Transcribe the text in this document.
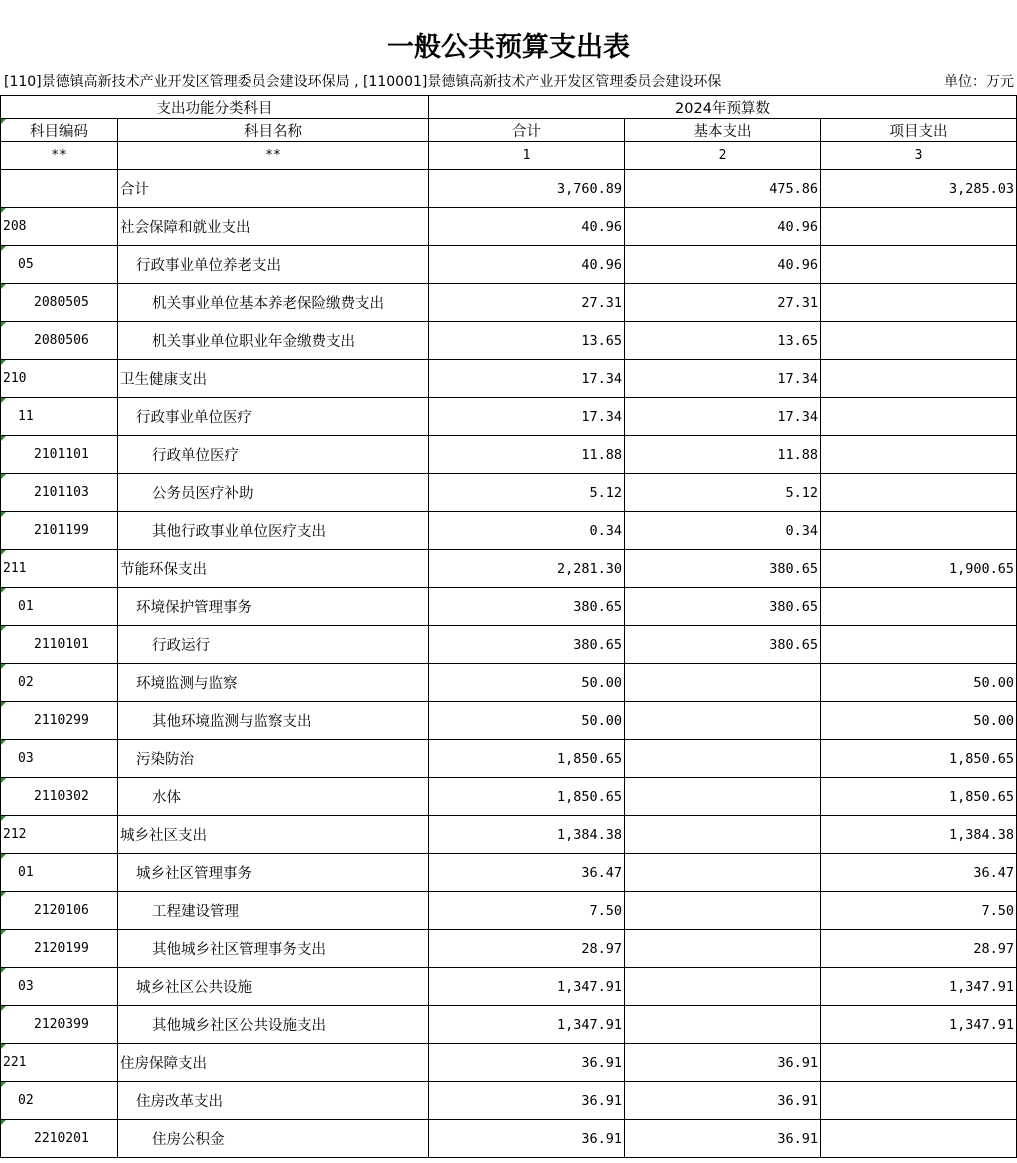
一般公共预算支出表
[110]景德镇高新技术产业开发区管理委员会建设环保局 , [110001]景德镇高新技术产业开发区管理委员会建设环保	单位：万元
支出功能分类科目		2024年预算数		

科目编码	科目名称	合计	基本支出	项目支出
**	**	1	2	3
	合计	3,760.89	475.86	3,285.03

208	社会保障和就业支出	40.96	40.96	

05	行政事业单位养老支出	40.96	40.96	

2080505	机关事业单位基本养老保险缴费支出	27.31	27.31	

2080506	机关事业单位职业年金缴费支出	13.65	13.65	

210	卫生健康支出	17.34	17.34	

11	行政事业单位医疗	17.34	17.34	

2101101	行政单位医疗	11.88	11.88	

2101103	公务员医疗补助	5.12	5.12	

2101199	其他行政事业单位医疗支出	0.34	0.34	

211	节能环保支出	2,281.30	380.65	1,900.65

01	环境保护管理事务	380.65	380.65	

2110101	行政运行	380.65	380.65	

02	环境监测与监察	50.00		50.00

2110299	其他环境监测与监察支出	50.00		50.00

03	污染防治	1,850.65		1,850.65

2110302	水体	1,850.65		1,850.65

212	城乡社区支出	1,384.38		1,384.38

01	城乡社区管理事务	36.47		36.47

2120106	工程建设管理	7.50		7.50

2120199	其他城乡社区管理事务支出	28.97		28.97

03	城乡社区公共设施	1,347.91		1,347.91

2120399	其他城乡社区公共设施支出	1,347.91		1,347.91

221	住房保障支出	36.91	36.91	

02	住房改革支出	36.91	36.91	

2210201	住房公积金	36.91	36.91	
